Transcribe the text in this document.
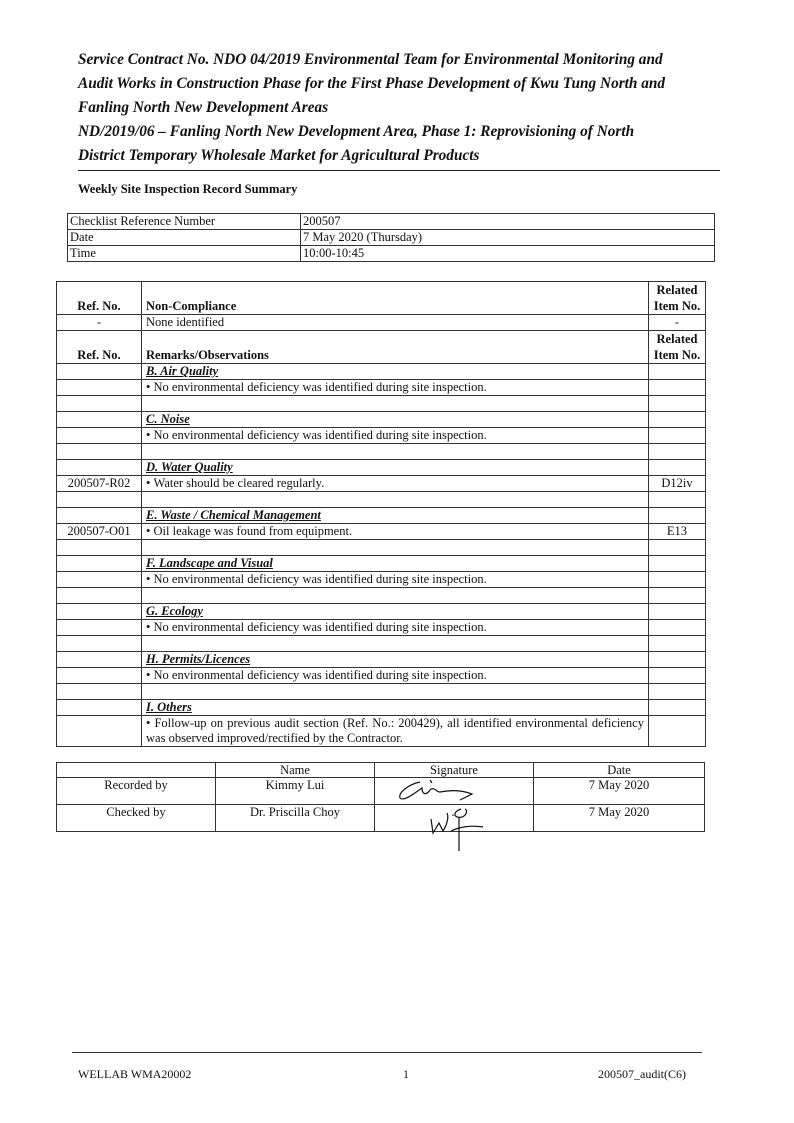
Service Contract No. NDO 04/2019 Environmental Team for Environmental Monitoring and

Audit Works in Construction Phase for the First Phase Development of Kwu Tung North and

Fanling North New Development Areas

ND/2019/06 – Fanling North New Development Area, Phase 1: Reprovisioning of North

District Temporary Wholesale Market for Agricultural Products

Weekly Site Inspection Record Summary
Checklist Reference Number	200507
Date	7 May 2020 (Thursday)
Time	10:00-10:45
Ref. No.	Non-Compliance	Related
Item No.
-	None identified	-
Ref. No.	Remarks/Observations	Related
Item No.
	B. Air Quality	
	• No environmental deficiency was identified during site inspection.	

	C. Noise	
	• No environmental deficiency was identified during site inspection.	

	D. Water Quality	
200507-R02	• Water should be cleared regularly.	D12iv

	E. Waste / Chemical Management	
200507-O01	• Oil leakage was found from equipment.	E13

	F. Landscape and Visual	
	• No environmental deficiency was identified during site inspection.	

	G. Ecology	
	• No environmental deficiency was identified during site inspection.	

	H. Permits/Licences	
	• No environmental deficiency was identified during site inspection.	

	I. Others	
	• Follow-up on previous audit section (Ref. No.: 200429), all identified environmental deficiency was observed improved/rectified by the Contractor.	
	Name	Signature	Date
Recorded by	Kimmy Lui		7 May 2020
Checked by	Dr. Priscilla Choy		7 May 2020
WELLAB WMA20002	1	200507_audit(C6)
